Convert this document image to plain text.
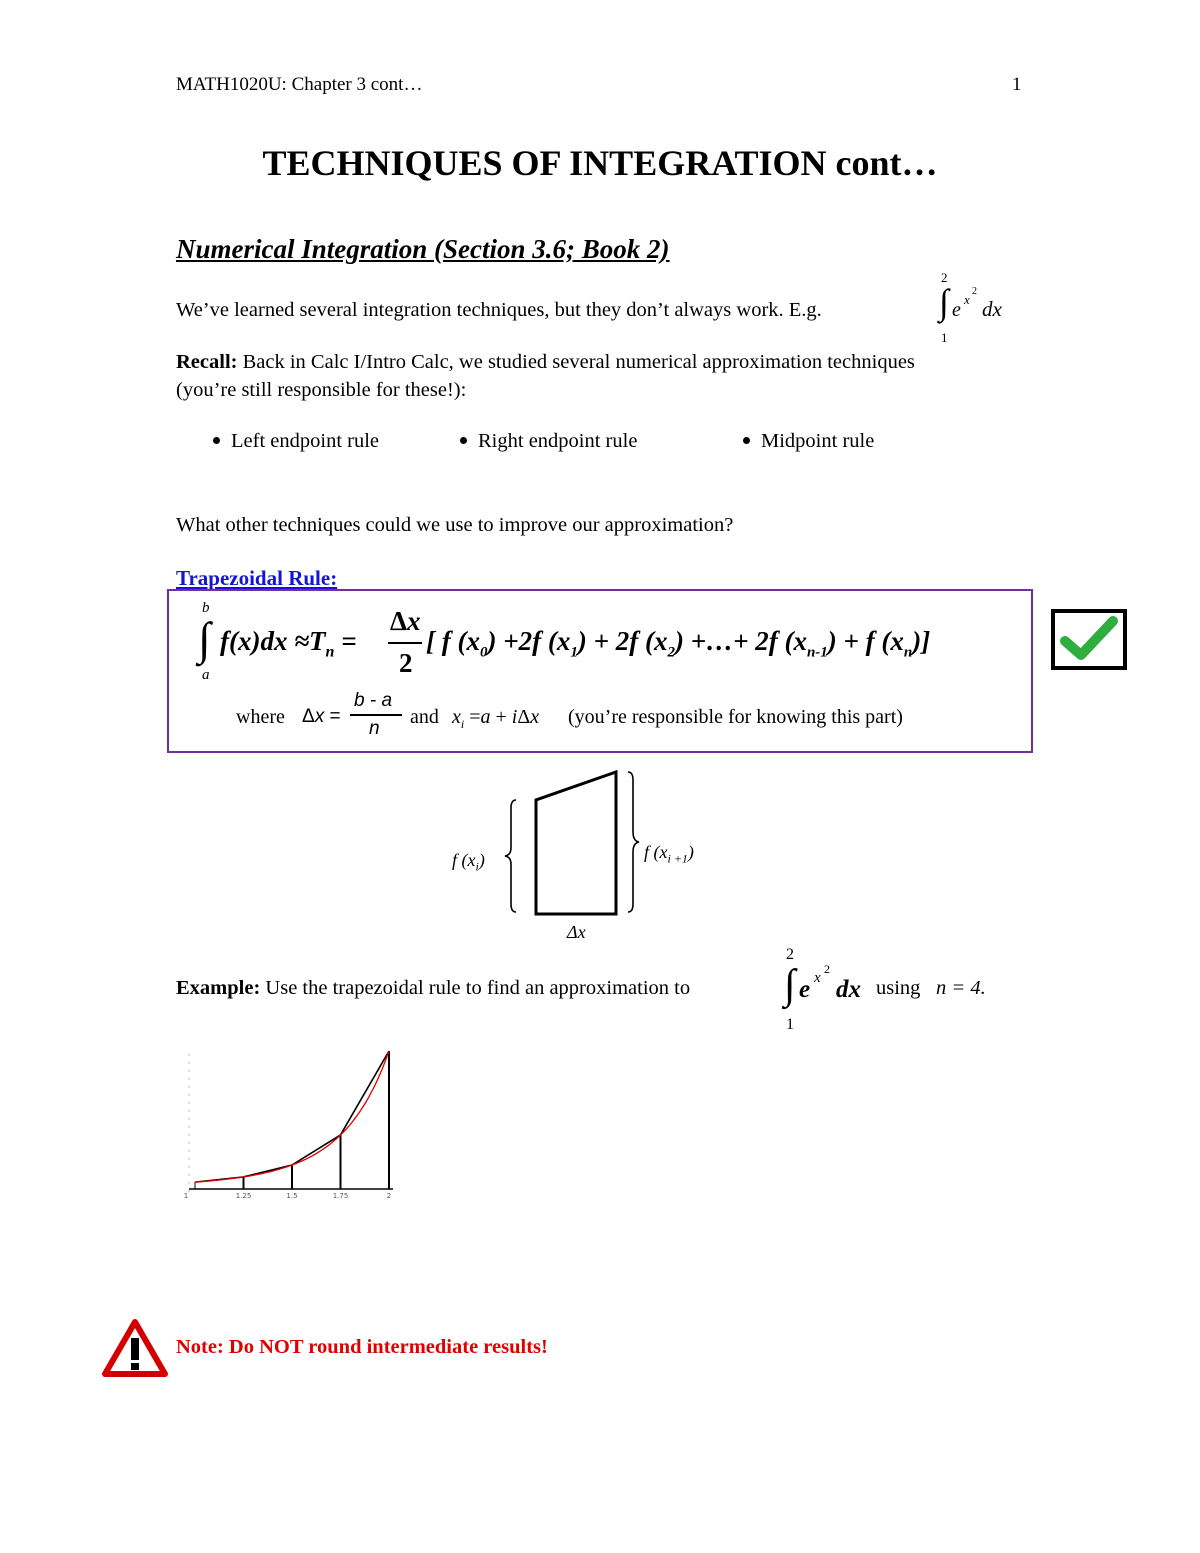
MATH1020U: Chapter 3 cont…	1
TECHNIQUES OF INTEGRATION cont…
Numerical Integration (Section 3.6; Book 2)
We’ve learned several integration techniques, but they don’t always work. E.g.
2
∫ e x
2
dx
1
Recall: Back in Calc I/Intro Calc, we studied several numerical approximation techniques (you’re still responsible for these!):
Left endpoint rule	Right endpoint rule	Midpoint rule
What other techniques could we use to improve our approximation?
Trapezoidal Rule:
b
∫
a
$f(x)dx \approx T_n$ =
Δx
2
[ f $(x_0) +2f$ $(x_1) + 2f$ $(x_2)$ +…+ 2f $(x_{n-1}) + f$ $(x_n)$]
where Δx =
b - a
n
and $x_i =a + i\Delta x$ (you’re responsible for knowing this part)
f $(x_i)$	f $(x_{i +1})$
Δx
Example: Use the trapezoidal rule to find an approximation to
2
∫ e x
2
dx
1
using n = 4.
1	1.25	1.5	1.75	2
Note: Do NOT round intermediate results!
